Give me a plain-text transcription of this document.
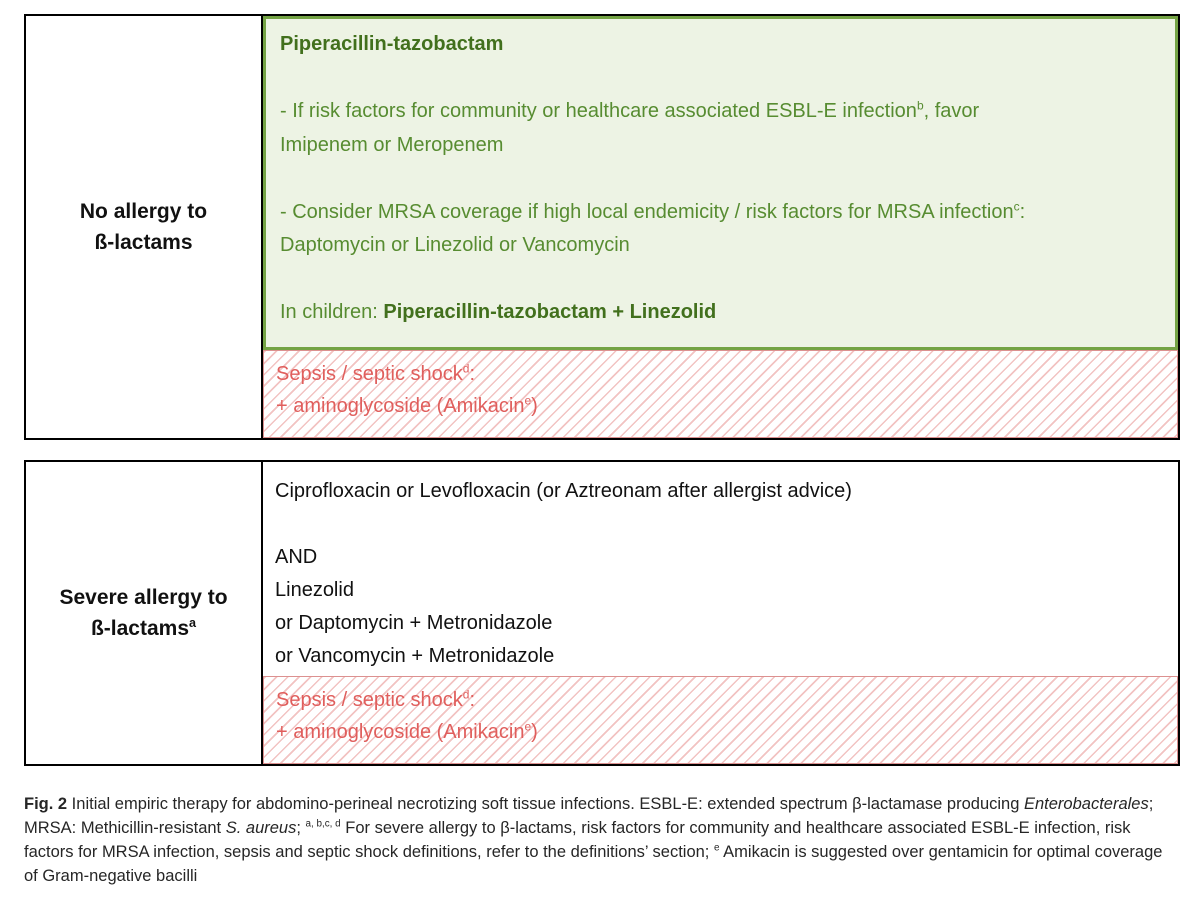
No allergy to
ß-lactams
Piperacillin-tazobactam

- If risk factors for community or healthcare associated ESBL-E infection$^b$, favor
Imipenem or Meropenem

- Consider MRSA coverage if high local endemicity / risk factors for MRSA infection$^c$:
Daptomycin or Linezolid or Vancomycin

In children: Piperacillin-tazobactam + Linezolid
Sepsis / septic shock$^d$:
+ aminoglycoside (Amikacin$^e$)
Severe allergy to
ß-lactams$^a$
Ciprofloxacin or Levofloxacin (or Aztreonam after allergist advice)

AND
Linezolid
or Daptomycin + Metronidazole
or Vancomycin + Metronidazole
Sepsis / septic shock$^d$:
+ aminoglycoside (Amikacin$^e$)
Fig. 2 Initial empiric therapy for abdomino-perineal necrotizing soft tissue infections. ESBL-E: extended spectrum β-lactamase producing Enterobacterales; MRSA: Methicillin-resistant S. aureus; $^{a, b,c, d}$ For severe allergy to β-lactams, risk factors for community and healthcare associated ESBL-E infection, risk factors for MRSA infection, sepsis and septic shock definitions, refer to the definitions’ section; $^e$ Amikacin is suggested over gentamicin for optimal coverage of Gram-negative bacilli
